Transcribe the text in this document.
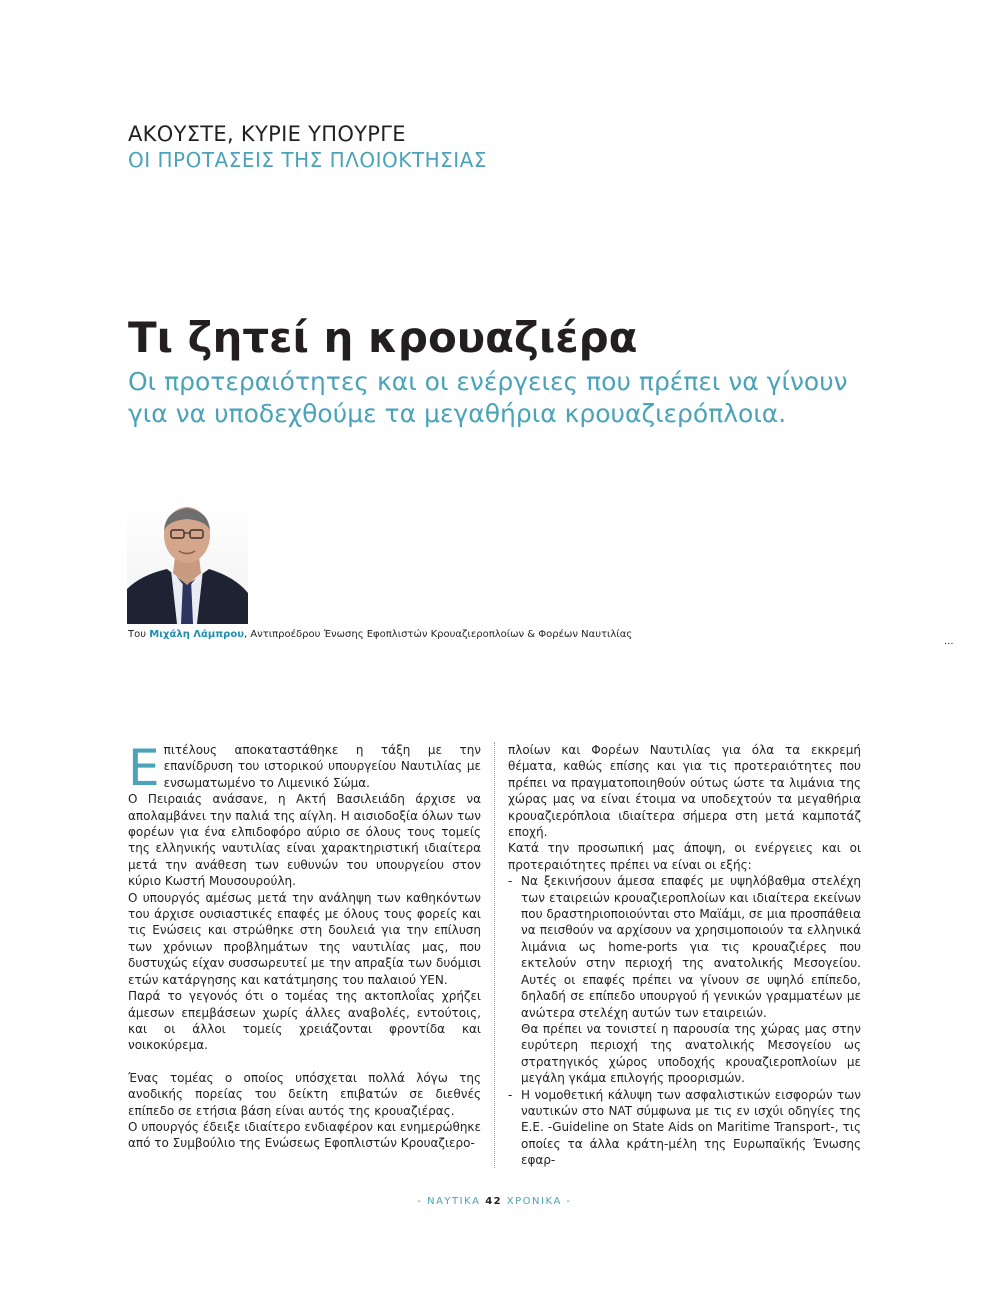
ΑΚΟΥΣΤΕ, ΚΥΡΙΕ ΥΠΟΥΡΓΕ
ΟΙ ΠΡΟΤΑΣΕΙΣ ΤΗΣ ΠΛΟΙΟΚΤΗΣΙΑΣ
Τι ζητεί η κρουαζιέρα
Οι προτεραιότητες και οι ενέργειες που πρέπει να γίνουν για να υποδεχθούμε τα μεγαθήρια κρουαζιερόπλοια.
Του Μιχάλη Λάμπρου, Αντιπροέδρου Ένωσης Εφοπλιστών Κρουαζιεροπλοίων & Φορέων Ναυτιλίας
...

Επιτέλους αποκαταστάθηκε η τάξη με την επανίδρυση του ιστορικού υπουργείου Ναυτιλίας με ενσωματωμένο το Λιμενικό Σώμα.

Ο Πειραιάς ανάσανε, η Ακτή Βασιλειάδη άρχισε να απολαμβάνει την παλιά της αίγλη. Η αισιοδοξία όλων των φορέων για ένα ελπιδοφόρο αύριο σε όλους τους τομείς της ελληνικής ναυτιλίας είναι χαρακτηριστική ιδιαίτερα μετά την ανάθεση των ευθυνών του υπουργείου στον κύριο Κωστή Μουσουρούλη.

Ο υπουργός αμέσως μετά την ανάληψη των καθηκόντων του άρχισε ουσιαστικές επαφές με όλους τους φορείς και τις Ενώσεις και στρώθηκε στη δουλειά για την επίλυση των χρόνιων προβλημάτων της ναυτιλίας μας, που δυστυχώς είχαν συσσωρευτεί με την απραξία των δυόμισι ετών κατάργησης και κατάτμησης του παλαιού ΥΕΝ.

Παρά το γεγονός ότι ο τομέας της ακτοπλοΐας χρήζει άμεσων επεμβάσεων χωρίς άλλες αναβολές, εντούτοις, και οι άλλοι τομείς χρειάζονται φροντίδα και νοικοκύρεμα.

Ένας τομέας ο οποίος υπόσχεται πολλά λόγω της ανοδικής πορείας του δείκτη επιβατών σε διεθνές επίπεδο σε ετήσια βάση είναι αυτός της κρουαζιέρας.

Ο υπουργός έδειξε ιδιαίτερο ενδιαφέρον και ενημερώθηκε από το Συμβούλιο της Ενώσεως Εφοπλιστών Κρουαζιερο-

πλοίων και Φορέων Ναυτιλίας για όλα τα εκκρεμή θέματα, καθώς επίσης και για τις προτεραιότητες που πρέπει να πραγματοποιηθούν ούτως ώστε τα λιμάνια της χώρας μας να είναι έτοιμα να υποδεχτούν τα μεγαθήρια κρουαζιερόπλοια ιδιαίτερα σήμερα στη μετά καμποτάζ εποχή.

Κατά την προσωπική μας άποψη, οι ενέργειες και οι προτεραιότητες πρέπει να είναι οι εξής:

- Να ξεκινήσουν άμεσα επαφές με υψηλόβαθμα στελέχη των εταιρειών κρουαζιεροπλοίων και ιδιαίτερα εκείνων που δραστηριοποιούνται στο Μαϊάμι, σε μια προσπάθεια να πεισθούν να αρχίσουν να χρησιμοποιούν τα ελληνικά λιμάνια ως home-ports για τις κρουαζιέρες που εκτελούν στην περιοχή της ανατολικής Μεσογείου. Αυτές οι επαφές πρέπει να γίνουν σε υψηλό επίπεδο, δηλαδή σε επίπεδο υπουργού ή γενικών γραμματέων με ανώτερα στελέχη αυτών των εταιρειών.

Θα πρέπει να τονιστεί η παρουσία της χώρας μας στην ευρύτερη περιοχή της ανατολικής Μεσογείου ως στρατηγικός χώρος υποδοχής κρουαζιεροπλοίων με μεγάλη γκάμα επιλογής προορισμών.

- Η νομοθετική κάλυψη των ασφαλιστικών εισφορών των ναυτικών στο NAT σύμφωνα με τις εν ισχύι οδηγίες της Ε.Ε. -Guideline on State Aids on Maritime Transport-, τις οποίες τα άλλα κράτη-μέλη της Ευρωπαϊκής Ένωσης εφαρ-
- ΝΑΥΤΙΚΑ 42 ΧΡΟΝΙΚΑ -
